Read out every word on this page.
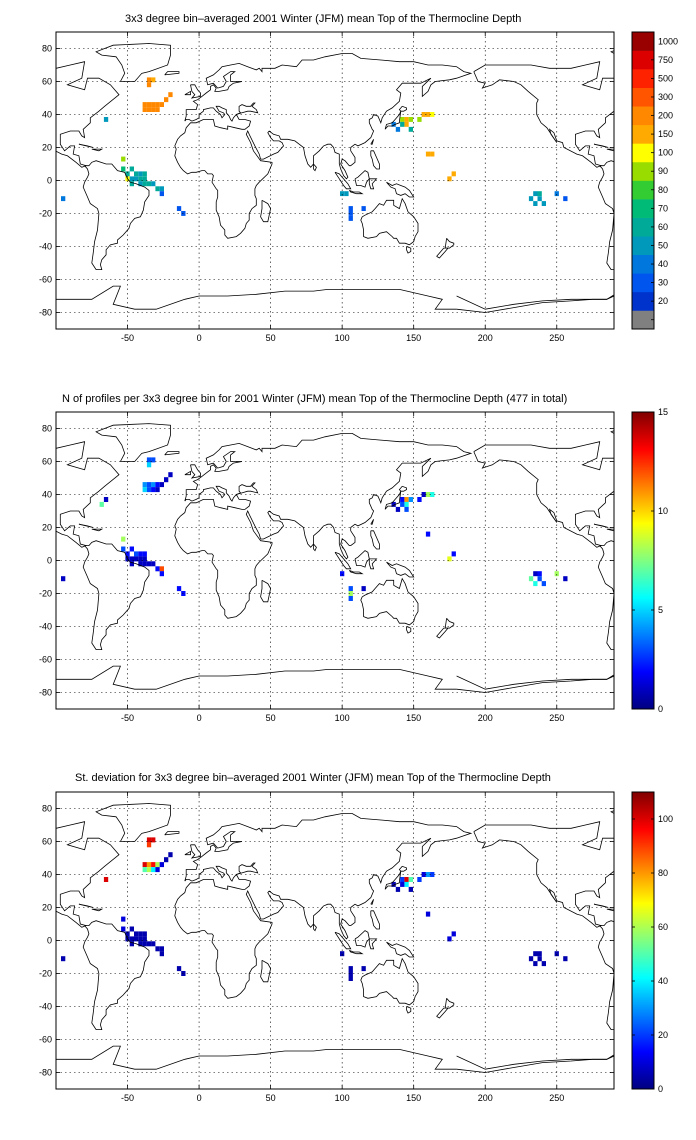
3x3 degree bin–averaged 2001 Winter (JFM) mean Top of the Thermocline Depth
N of profiles per 3x3 degree bin for 2001 Winter (JFM) mean Top of the Thermocline Depth (477 in total)
St. deviation for 3x3 degree bin–averaged 2001 Winter (JFM) mean Top of the Thermocline Depth
-50	0	50	100	150	200	250
80
60
40
20
0
-20
-40
-60
-80
20
30
40
50
60
70
80
90
100
150
200
300
500
750
1000
-50	0	50	100	150	200	250
80
60
40
20
0
-20
-40
-60
-80
0
5
10
15
-50	0	50	100	150	200	250
80
60
40
20
0
-20
-40
-60
-80
0
20
40
60
80
100
